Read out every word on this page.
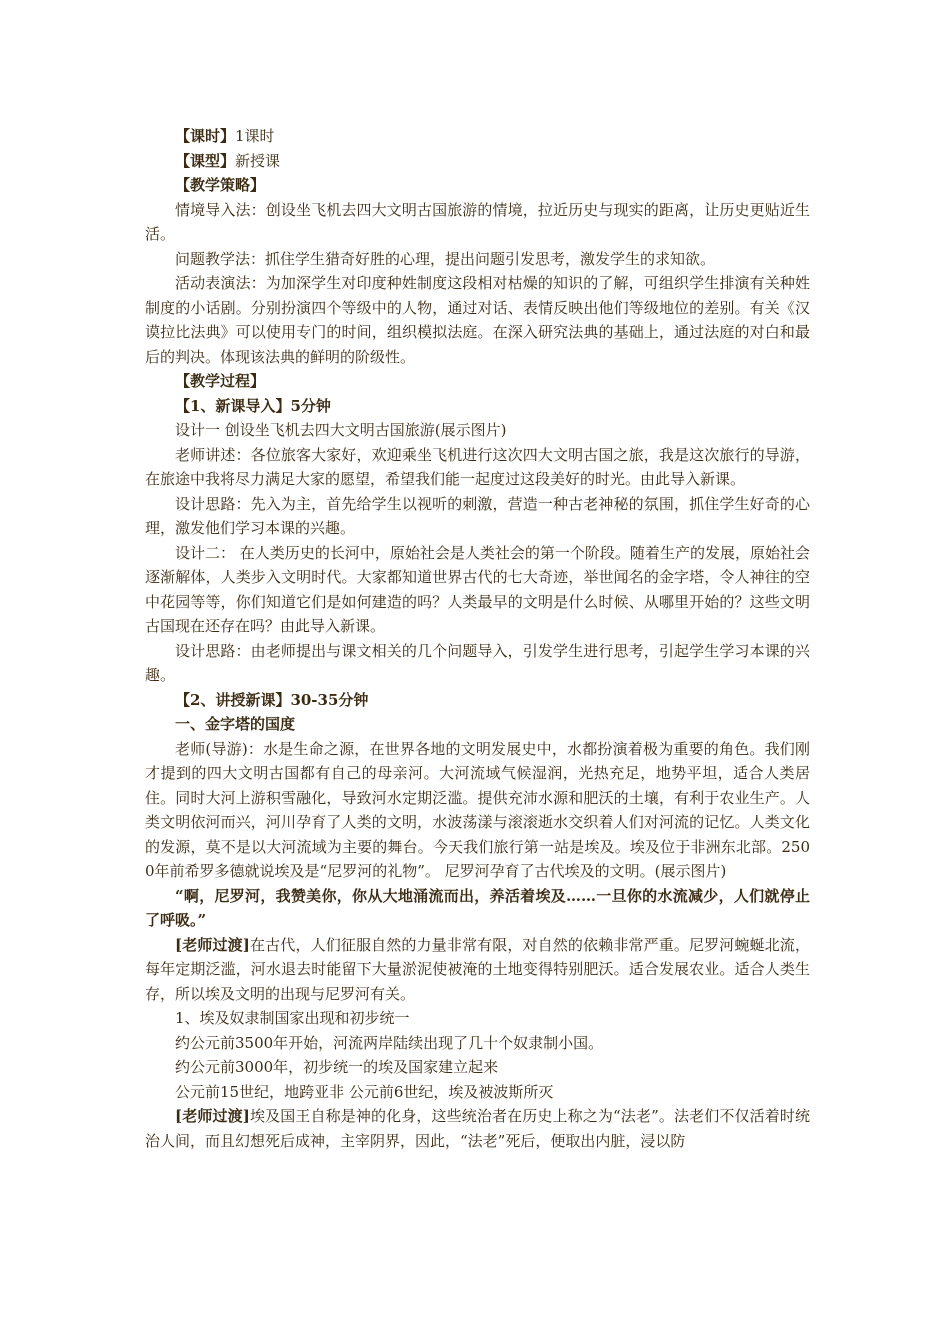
【课时】1课时

【课型】新授课

【教学策略】

情境导入法：创设坐飞机去四大文明古国旅游的情境，拉近历史与现实的距离，让历史更贴近生活。

问题教学法：抓住学生猎奇好胜的心理，提出问题引发思考，激发学生的求知欲。

活动表演法：为加深学生对印度种姓制度这段相对枯燥的知识的了解，可组织学生排演有关种姓制度的小话剧。分别扮演四个等级中的人物，通过对话、表情反映出他们等级地位的差别。有关《汉谟拉比法典》可以使用专门的时间，组织模拟法庭。在深入研究法典的基础上，通过法庭的对白和最后的判决。体现该法典的鲜明的阶级性。

【教学过程】

【1、新课导入】5分钟

设计一 创设坐飞机去四大文明古国旅游(展示图片)

老师讲述：各位旅客大家好，欢迎乘坐飞机进行这次四大文明古国之旅，我是这次旅行的导游，在旅途中我将尽力满足大家的愿望，希望我们能一起度过这段美好的时光。由此导入新课。

设计思路：先入为主，首先给学生以视听的刺激，营造一种古老神秘的氛围，抓住学生好奇的心理，激发他们学习本课的兴趣。

设计二： 在人类历史的长河中，原始社会是人类社会的第一个阶段。随着生产的发展，原始社会逐渐解体，人类步入文明时代。大家都知道世界古代的七大奇迹，举世闻名的金字塔，令人神往的空中花园等等，你们知道它们是如何建造的吗？人类最早的文明是什么时候、从哪里开始的？这些文明古国现在还存在吗？由此导入新课。

设计思路：由老师提出与课文相关的几个问题导入，引发学生进行思考，引起学生学习本课的兴趣。

【2、讲授新课】30-35分钟

一、金字塔的国度

老师(导游)：水是生命之源，在世界各地的文明发展史中，水都扮演着极为重要的角色。我们刚才提到的四大文明古国都有自己的母亲河。大河流域气候湿润，光热充足，地势平坦，适合人类居住。同时大河上游积雪融化，导致河水定期泛滥。提供充沛水源和肥沃的土壤，有利于农业生产。人类文明依河而兴，河川孕育了人类的文明，水波荡漾与滚滚逝水交织着人们对河流的记忆。人类文化的发源，莫不是以大河流域为主要的舞台。今天我们旅行第一站是埃及。埃及位于非洲东北部。2500年前希罗多德就说埃及是“尼罗河的礼物”。 尼罗河孕育了古代埃及的文明。(展示图片)

“啊，尼罗河，我赞美你，你从大地涌流而出，养活着埃及……一旦你的水流减少，人们就停止了呼吸。”

[老师过渡]在古代，人们征服自然的力量非常有限，对自然的依赖非常严重。尼罗河蜿蜒北流，每年定期泛滥，河水退去时能留下大量淤泥使被淹的土地变得特别肥沃。适合发展农业。适合人类生存，所以埃及文明的出现与尼罗河有关。

1、埃及奴隶制国家出现和初步统一

约公元前3500年开始，河流两岸陆续出现了几十个奴隶制小国。

约公元前3000年，初步统一的埃及国家建立起来

公元前15世纪，地跨亚非 公元前6世纪，埃及被波斯所灭

[老师过渡]埃及国王自称是神的化身，这些统治者在历史上称之为“法老”。法老们不仅活着时统治人间，而且幻想死后成神，主宰阴界，因此，“法老”死后，便取出内脏，浸以防
